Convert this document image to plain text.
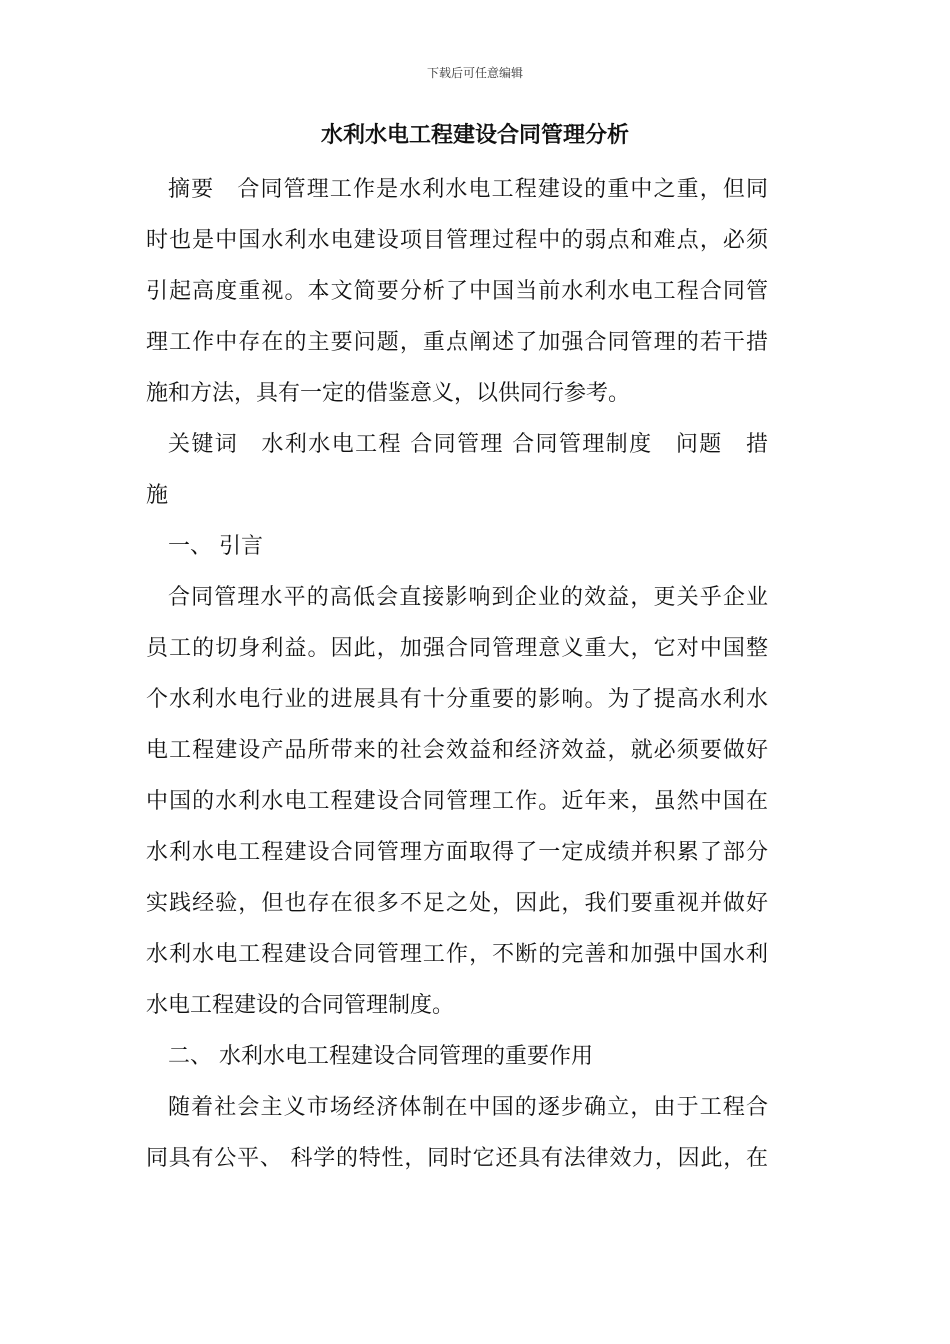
下载后可任意编辑
水利水电工程建设合同管理分析
摘要　合同管理工作是水利水电工程建设的重中之重，但同
时也是中国水利水电建设项目管理过程中的弱点和难点，必须
引起高度重视。本文简要分析了中国当前水利水电工程合同管
理工作中存在的主要问题，重点阐述了加强合同管理的若干措
施和方法，具有一定的借鉴意义，以供同行参考。
关键词　水利水电工程 合同管理 合同管理制度　问题　措
施
一、 引言
合同管理水平的高低会直接影响到企业的效益，更关乎企业
员工的切身利益。因此，加强合同管理意义重大，它对中国整
个水利水电行业的进展具有十分重要的影响。为了提高水利水
电工程建设产品所带来的社会效益和经济效益，就必须要做好
中国的水利水电工程建设合同管理工作。近年来，虽然中国在
水利水电工程建设合同管理方面取得了一定成绩并积累了部分
实践经验，但也存在很多不足之处，因此，我们要重视并做好
水利水电工程建设合同管理工作，不断的完善和加强中国水利
水电工程建设的合同管理制度。
二、 水利水电工程建设合同管理的重要作用
随着社会主义市场经济体制在中国的逐步确立，由于工程合
同具有公平、 科学的特性，同时它还具有法律效力，因此，在
